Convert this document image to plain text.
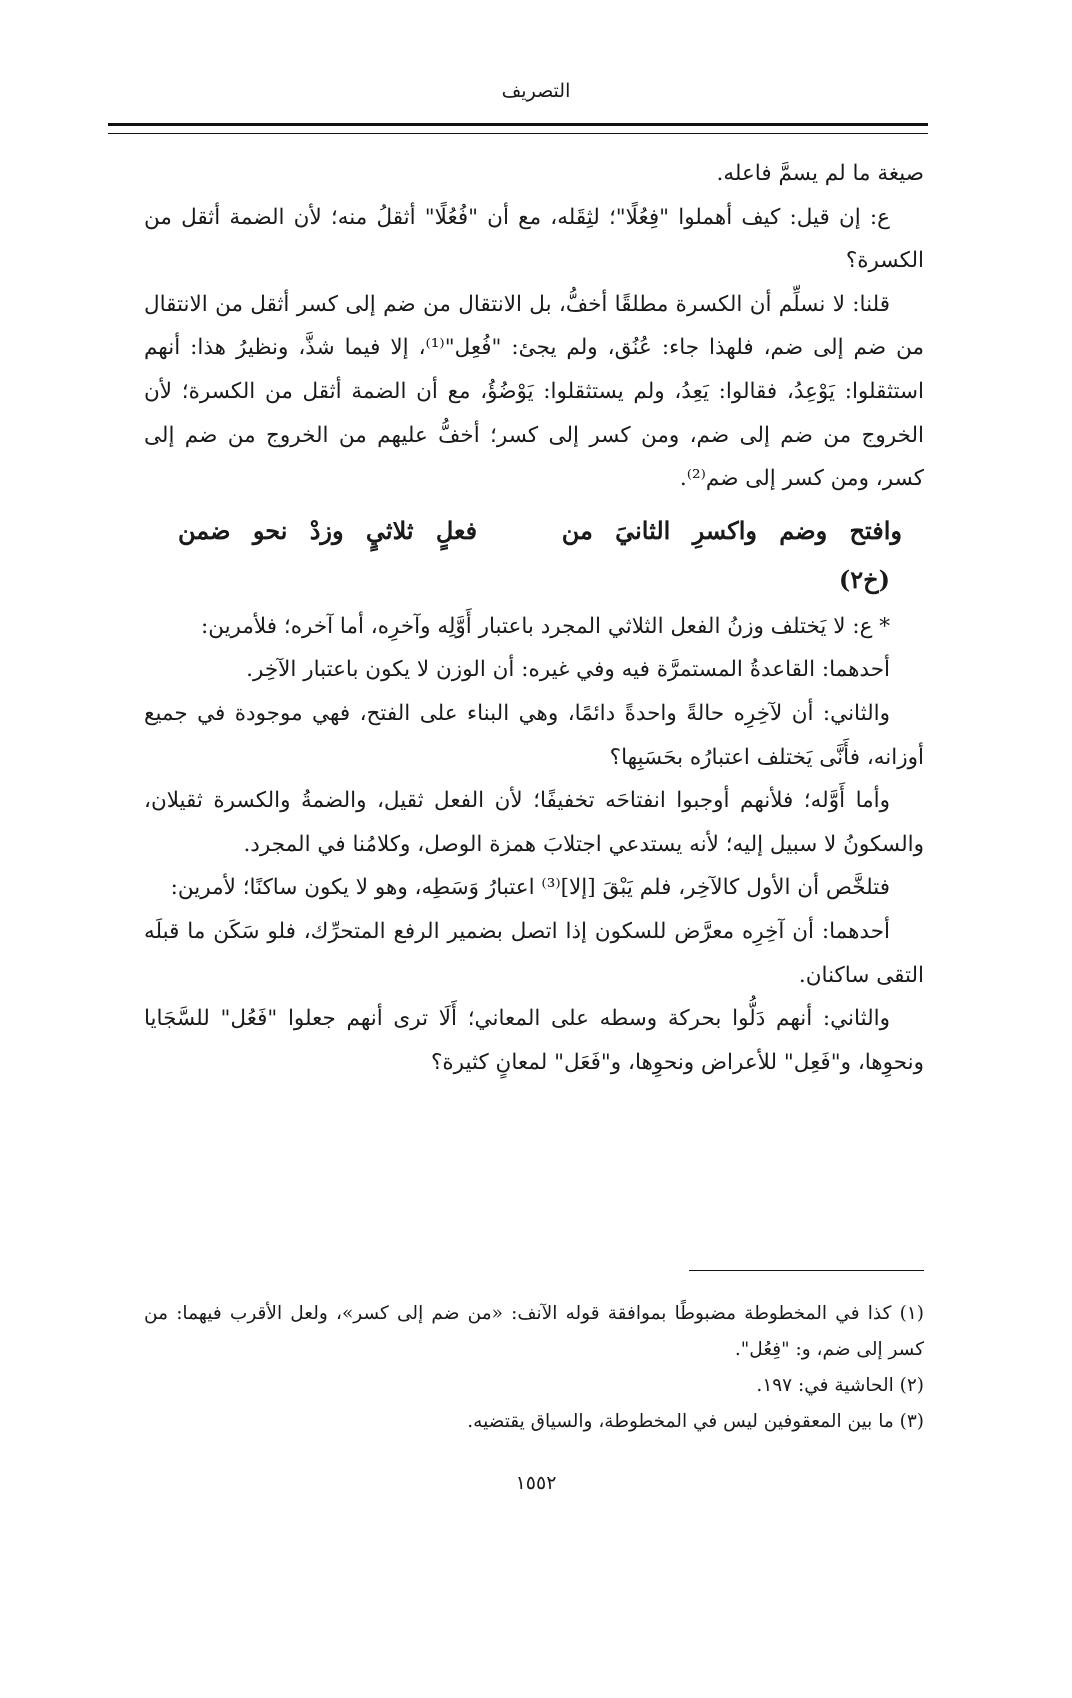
التصريف

صيغة ما لم يسمَّ فاعله.

ع: إن قيل: كيف أهملوا "فِعُلًا"؛ لثِقَله، مع أن "فُعُلًا" أثقلُ منه؛ لأن الضمة أثقل من الكسرة؟

قلنا: لا نسلِّم أن الكسرة مطلقًا أخفُّ، بل الانتقال من ضم إلى كسر أثقل من الانتقال من ضم إلى ضم، فلهذا جاء: عُنُق، ولم يجئ: "فُعِل"⁽¹⁾، إلا فيما شذَّ، ونظيرُ هذا: أنهم استثقلوا: يَوْعِدُ، فقالوا: يَعِدُ، ولم يستثقلوا: يَوْضُؤُ، مع أن الضمة أثقل من الكسرة؛ لأن الخروج من ضم إلى ضم، ومن كسر إلى كسر؛ أخفُّ عليهم من الخروج من ضم إلى كسر، ومن كسر إلى ضم⁽²⁾.

وافتح
وضم
واكسرِ
الثانيَ
من
فعلٍ
ثلاثيٍ
وزدْ
نحو
ضمن
(خ٢)

* ع: لا يَختلف وزنُ الفعل الثلاثي المجرد باعتبار أَوَّلِه وآخرِه، أما آخره؛ فلأمرين:

أحدهما: القاعدةُ المستمرَّة فيه وفي غيره: أن الوزن لا يكون باعتبار الآخِر.

والثاني: أن لآخِرِه حالةً واحدةً دائمًا، وهي البناء على الفتح، فهي موجودة في جميع أوزانه، فأَنَّى يَختلف اعتبارُه بحَسَبِها؟

وأما أَوَّله؛ فلأنهم أوجبوا انفتاحَه تخفيفًا؛ لأن الفعل ثقيل، والضمةُ والكسرة ثقيلان، والسكونُ لا سبيل إليه؛ لأنه يستدعي اجتلابَ همزة الوصل، وكلامُنا في المجرد.

فتلخَّص أن الأول كالآخِر، فلم يَبْقَ [إلا]⁽³⁾ اعتبارُ وَسَطِه، وهو لا يكون ساكنًا؛ لأمرين:

أحدهما: أن آخِرِه معرَّض للسكون إذا اتصل بضمير الرفع المتحرِّك، فلو سَكَن ما قبلَه التقى ساكنان.

والثاني: أنهم دَلُّوا بحركة وسطه على المعاني؛ أَلَا ترى أنهم جعلوا "فَعُل" للسَّجَايا ونحوِها، و"فَعِل" للأعراض ونحوِها، و"فَعَل" لمعانٍ كثيرة؟

(١) كذا في المخطوطة مضبوطًا بموافقة قوله الآنف: «من ضم إلى كسر»، ولعل الأقرب فيهما: من كسر إلى ضم، و: "فِعُل".

(٢) الحاشية في: ١٩٧.

(٣) ما بين المعقوفين ليس في المخطوطة، والسياق يقتضيه.

١٥٥٢
